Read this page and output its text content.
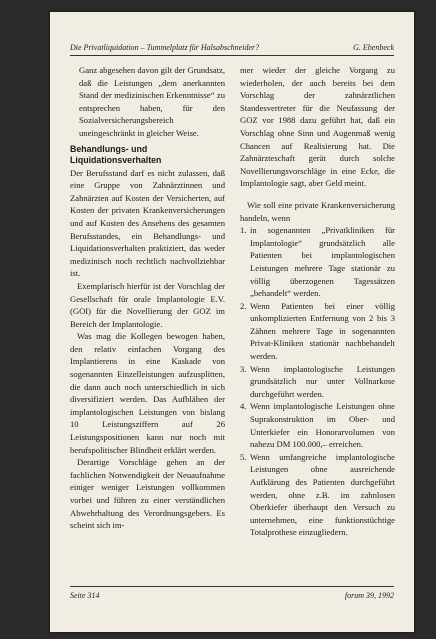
Die Privatliquidation – Tummelplatz für Halsabschneider?	G. Ebenbeck

Ganz abgesehen davon gilt der Grundsatz, daß die Leistungen „dem anerkannten Stand der medizinischen Erkenntnisse“ zu entsprechen haben, für den Sozialversicherungsbereich uneingeschränkt in gleicher Weise.

Behandlungs- und Liquidationsverhalten

Der Berufsstand darf es nicht zulassen, daß eine Gruppe von Zahnärztinnen und Zahnärzten auf Kosten der Versicherten, auf Kosten der privaten Krankenversicherungen und auf Kosten des Ansehens des gesamten Berufsstandes, ein Behandlungs- und Liquidationsverhalten praktiziert, das weder medizinisch noch rechtlich nachvollziehbar ist.

Exemplarisch hierfür ist der Vorschlag der Gesellschaft für orale Implantologie E.V. (GOI) für die Novellierung der GOZ im Bereich der Implantologie.

Was mag die Kollegen bewogen haben, den relativ einfachen Vorgang des Implantierens in eine Kaskade von sogenannten Einzelleistungen aufzusplitten, die dann auch noch unterschiedlich in sich diversifiziert werden. Das Aufblähen der implantologischen Leistungen von bislang 10 Leistungsziffern auf 26 Leistungspositionen kann nur noch mit berufspolitischer Blindheit erklärt werden.

Derartige Vorschläge gehen an der fachlichen Notwendigkeit der Neuaufnahme einiger weniger Leistungen vollkommen vorbei und führen zu einer verständlichen Abwehrhaltung des Verordnungsgebers. Es scheint sich im-

mer wieder der gleiche Vorgang zu wiederholen, der auch bereits bei dem Vorschlag der zahnärztlichen Standesvertreter für die Neufassung der GOZ vor 1988 dazu geführt hat, daß ein Vorschlag ohne Sinn und Augenmaß wenig Chancen auf Realisierung hat. Die Zahnärzteschaft gerät durch solche Novellierungsvorschläge in eine Ecke, die Implantologie sagt, aber Geld meint.

Wie soll eine private Krankenversicherung handeln, wenn

1. in sogenannten „Privatkliniken für Implantologie“ grundsätzlich alle Patienten bei implantologischen Leistungen mehrere Tage stationär zu völlig überzogenen Tagessätzen „behandelt“ werden.
2. Wenn Patienten bei einer völlig unkomplizierten Entfernung von 2 bis 3 Zähnen mehrere Tage in sogenannten Privat-Kliniken stationär nachbehandelt werden.
3. Wenn implantologische Leistungen grundsätzlich nur unter Vollnarkose durchgeführt werden.
4. Wenn implantologische Leistungen ohne Suprakonstruktion im Ober- und Unterkiefer ein Honorarvolumen von nahezu DM 100.000,– erreichen.
5. Wenn umfangreiche implantologische Leistungen ohne ausreichende Aufklärung des Patienten durchgeführt werden, ohne z.B. im zahnlosen Oberkiefer überhaupt den Versuch zu unternehmen, eine funktionstüchtige Totalprothese einzugliedern.
Seite 314	forum 39, 1992
